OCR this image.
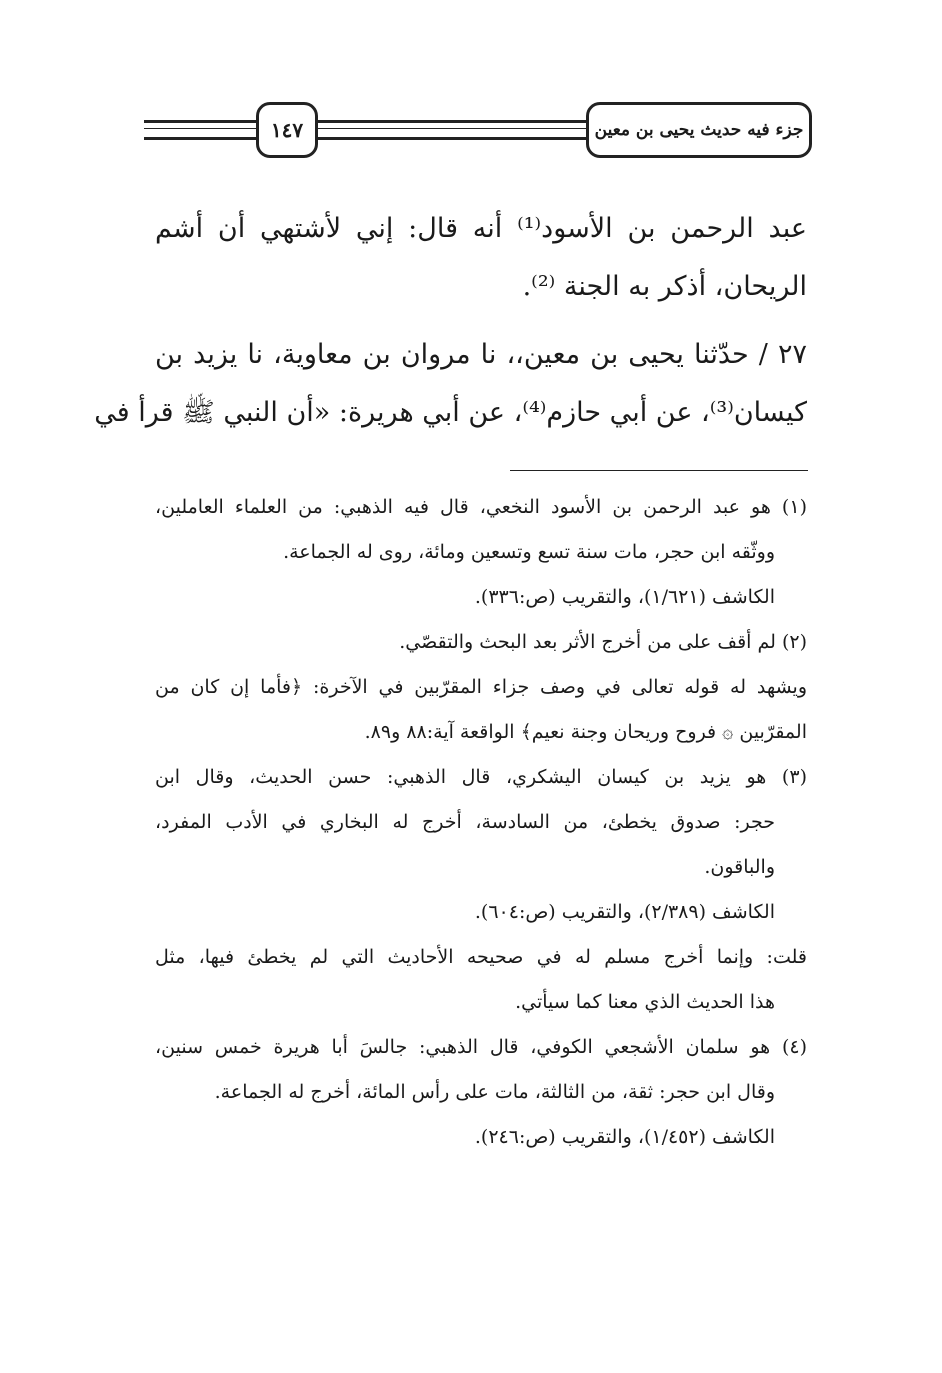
١٤٧	جزء فيه حديث يحيى بن معين
عبد الرحمن بن الأسود⁽¹⁾ أنه قال: إني لأشتهي أن أشم
الريحان، أذكر به الجنة ⁽²⁾.
٢٧ / حدّثنا يحيى بن معين،، نا مروان بن معاوية، نا يزيد بن
كيسان⁽³⁾، عن أبي حازم⁽⁴⁾، عن أبي هريرة: «أن النبي ﷺ قرأ في
(١) هو عبد الرحمن بن الأسود النخعي، قال فيه الذهبي: من العلماء العاملين،
ووثّقه ابن حجر، مات سنة تسع وتسعين ومائة، روى له الجماعة.
الكاشف (١/٦٢١)، والتقريب (ص:٣٣٦).
(٢) لم أقف على من أخرج الأثر بعد البحث والتقصّي.
ويشهد له قوله تعالى في وصف جزاء المقرّبين في الآخرة: ﴿فأما إن كان من
المقرّبين ۞ فروح وريحان وجنة نعيم﴾ الواقعة آية:٨٨ و٨٩.
(٣) هو يزيد بن كيسان اليشكري، قال الذهبي: حسن الحديث، وقال ابن
حجر: صدوق يخطئ، من السادسة، أخرج له البخاري في الأدب المفرد،
والباقون.
الكاشف (٢/٣٨٩)، والتقريب (ص:٦٠٤).
قلت: وإنما أخرج مسلم له في صحيحه الأحاديث التي لم يخطئ فيها، مثل
هذا الحديث الذي معنا كما سيأتي.
(٤) هو سلمان الأشجعي الكوفي، قال الذهبي: جالسَ أبا هريرة خمس سنين،
وقال ابن حجر: ثقة، من الثالثة، مات على رأس المائة، أخرج له الجماعة.
الكاشف (١/٤٥٢)، والتقريب (ص:٢٤٦).
